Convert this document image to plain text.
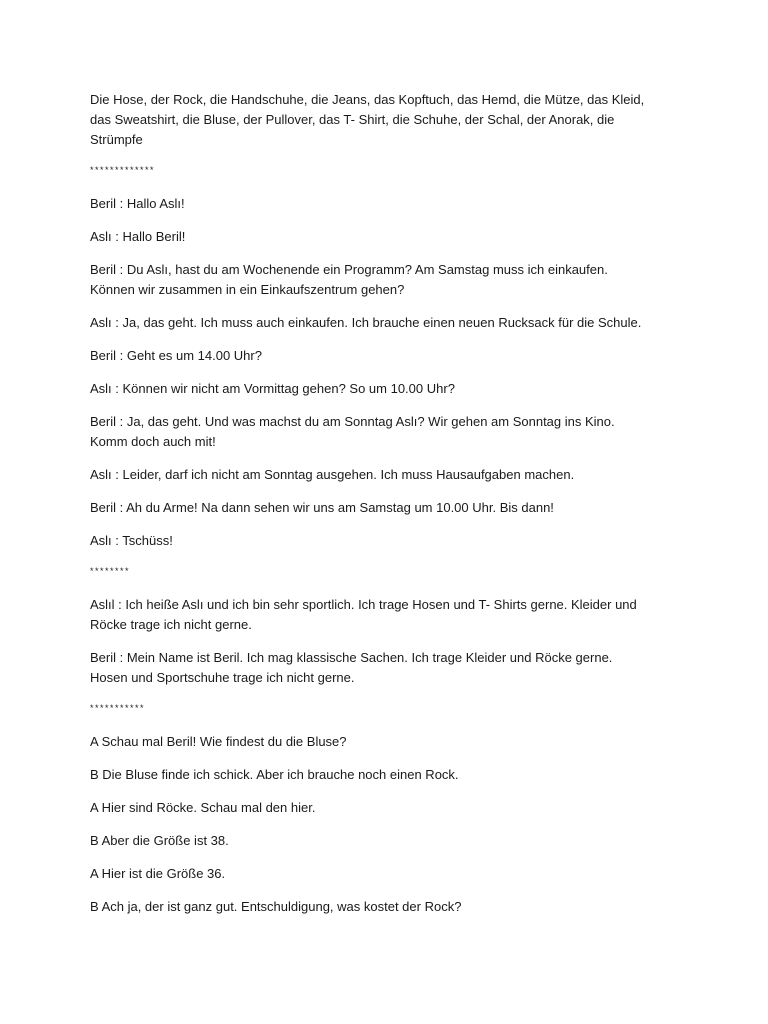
Die Hose, der Rock, die Handschuhe, die Jeans, das Kopftuch, das Hemd, die Mütze, das Kleid, das Sweatshirt, die Bluse, der Pullover, das T- Shirt, die Schuhe, der Schal, der Anorak, die Strümpfe

*************

Beril : Hallo Aslı!

Aslı : Hallo Beril!

Beril : Du Aslı, hast du am Wochenende ein Programm? Am Samstag muss ich einkaufen. Können wir zusammen in ein Einkaufszentrum gehen?

Aslı : Ja, das geht. Ich muss auch einkaufen. Ich brauche einen neuen Rucksack für die Schule.

Beril : Geht es um 14.00 Uhr?

Aslı : Können wir nicht am Vormittag gehen? So um 10.00 Uhr?

Beril : Ja, das geht. Und was machst du am Sonntag Aslı? Wir gehen am Sonntag ins Kino. Komm doch auch mit!

Aslı : Leider, darf ich nicht am Sonntag ausgehen. Ich muss Hausaufgaben machen.

Beril : Ah du Arme! Na dann sehen wir uns am Samstag um 10.00 Uhr. Bis dann!

Aslı : Tschüss!

********

Aslıl : Ich heiße Aslı und ich bin sehr sportlich. Ich trage Hosen und T- Shirts gerne. Kleider und Röcke trage ich nicht gerne.

Beril : Mein Name ist Beril. Ich mag klassische Sachen. Ich trage Kleider und Röcke gerne. Hosen und Sportschuhe trage ich nicht gerne.

***********

A Schau mal Beril! Wie findest du die Bluse?

B Die Bluse finde ich schick. Aber ich brauche noch einen Rock.

A Hier sind Röcke. Schau mal den hier.

B Aber die Größe ist 38.

A Hier ist die Größe 36.

B Ach ja, der ist ganz gut. Entschuldigung, was kostet der Rock?
